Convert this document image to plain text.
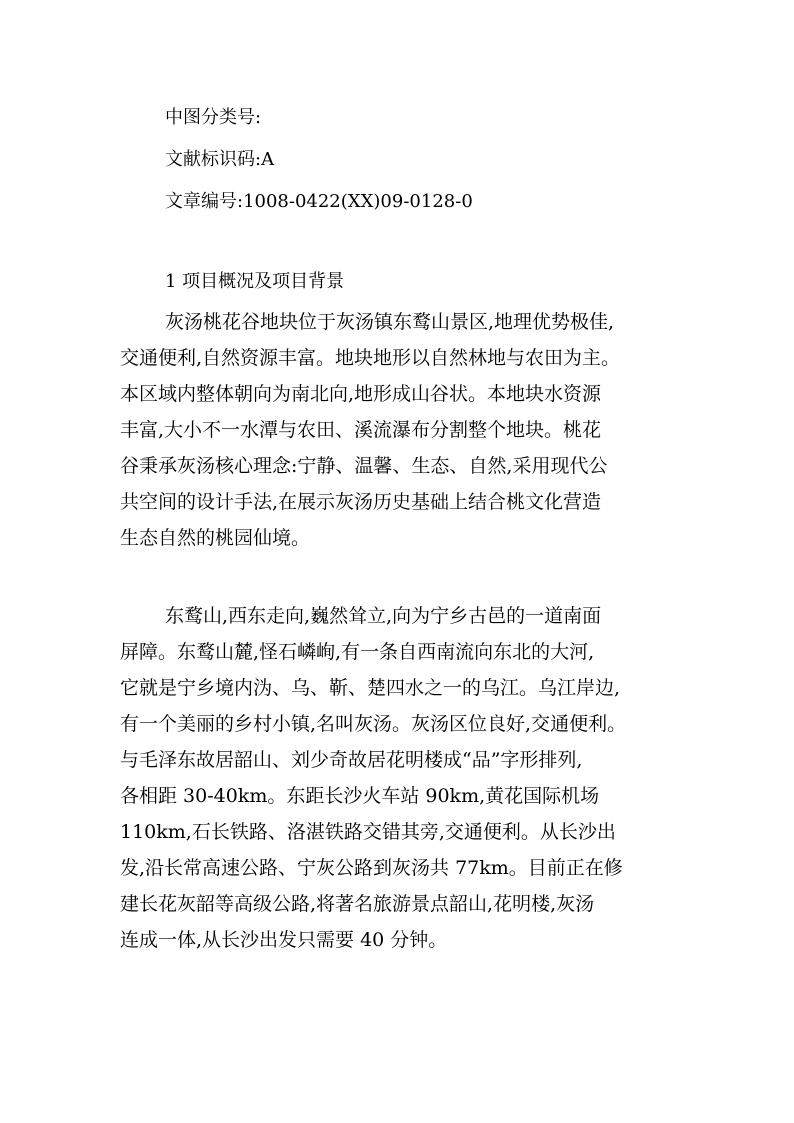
中图分类号:
文献标识码:A
文章编号:1008-0422(XX)09-0128-0
1 项目概况及项目背景
灰汤桃花谷地块位于灰汤镇东鹜山景区,地理优势极佳,
交通便利,自然资源丰富。地块地形以自然林地与农田为主。
本区域内整体朝向为南北向,地形成山谷状。本地块水资源
丰富,大小不一水潭与农田、溪流瀑布分割整个地块。桃花
谷秉承灰汤核心理念:宁静、温馨、生态、自然,采用现代公
共空间的设计手法,在展示灰汤历史基础上结合桃文化营造
生态自然的桃园仙境。
东鹜山,西东走向,巍然耸立,向为宁乡古邑的一道南面
屏障。东鹜山麓,怪石嶙峋,有一条自西南流向东北的大河,
它就是宁乡境内沩、乌、靳、楚四水之一的乌江。乌江岸边,
有一个美丽的乡村小镇,名叫灰汤。灰汤区位良好,交通便利。
与毛泽东故居韶山、刘少奇故居花明楼成“品”字形排列,
各相距 30-40km。东距长沙火车站 90km,黄花国际机场
110km,石长铁路、洛湛铁路交错其旁,交通便利。从长沙出
发,沿长常高速公路、宁灰公路到灰汤共 77km。目前正在修
建长花灰韶等高级公路,将著名旅游景点韶山,花明楼,灰汤
连成一体,从长沙出发只需要 40 分钟。
